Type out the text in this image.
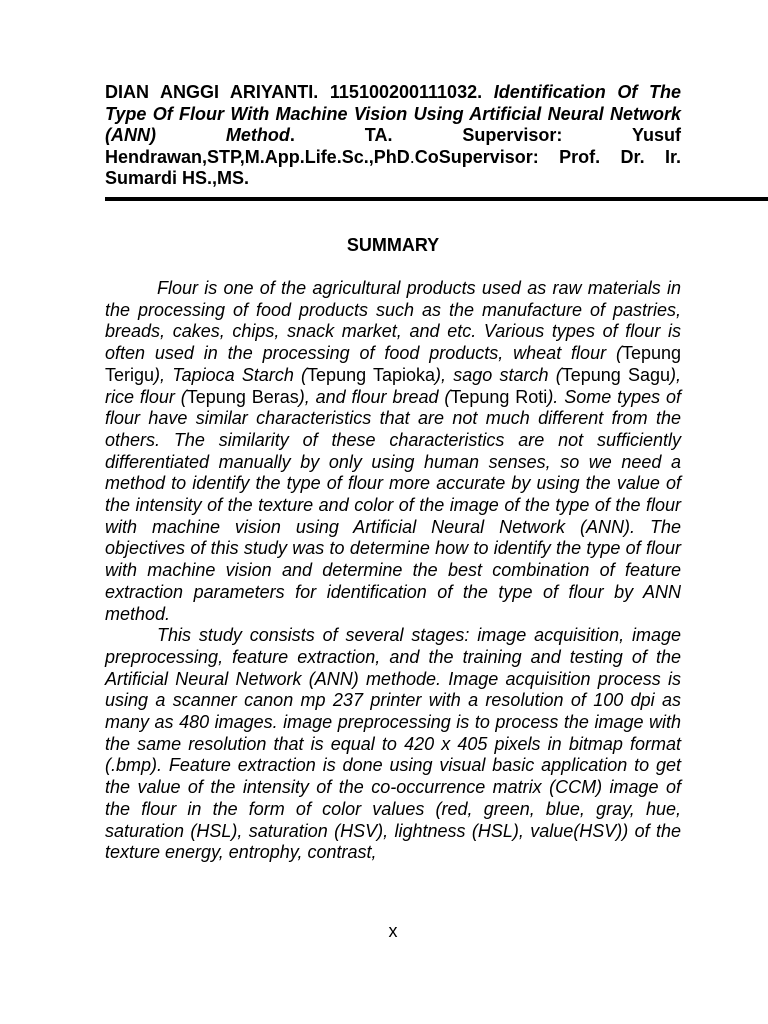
DIAN ANGGI ARIYANTI. 115100200111032. Identification Of The Type Of Flour With Machine Vision Using Artificial Neural Network (ANN) Method.	TA. Supervisor: Yusuf Hendrawan,STP,M.App.Life.Sc.,PhD.CoSupervisor: Prof. Dr. Ir. Sumardi HS.,MS.
SUMMARY

Flour is one of the agricultural products used as raw materials in the processing of food products such as the manufacture of pastries, breads, cakes, chips, snack market, and etc. Various types of flour is often used in the processing of food products, wheat flour (Tepung Terigu), Tapioca Starch (Tepung Tapioka), sago starch (Tepung Sagu), rice flour (Tepung Beras), and flour bread (Tepung Roti). Some types of flour have similar characteristics that are not much different from the others. The similarity of these characteristics are not sufficiently differentiated manually by only using human senses, so we need a method to identify the type of flour more accurate by using the value of the intensity of the texture and color of the image of the type of the flour with machine vision using Artificial Neural Network (ANN). The objectives of this study was to determine how to identify the type of flour with machine vision and determine the best combination of feature extraction parameters for identification of the type of flour by ANN method.

This study consists of several stages: image acquisition, image preprocessing, feature extraction, and the training and testing of the Artificial Neural Network (ANN) methode. Image acquisition process is using a scanner canon mp 237 printer with a resolution of 100 dpi as many as 480 images. image preprocessing is to process the image with the same resolution that is equal to 420 x 405 pixels in bitmap format (.bmp). Feature extraction is done using visual basic application to get the value of the intensity of the co-occurrence matrix (CCM) image of the flour in the form of color values (red, green, blue, gray, hue, saturation (HSL), saturation (HSV), lightness (HSL), value(HSV)) of the texture energy, entrophy, contrast,

x
